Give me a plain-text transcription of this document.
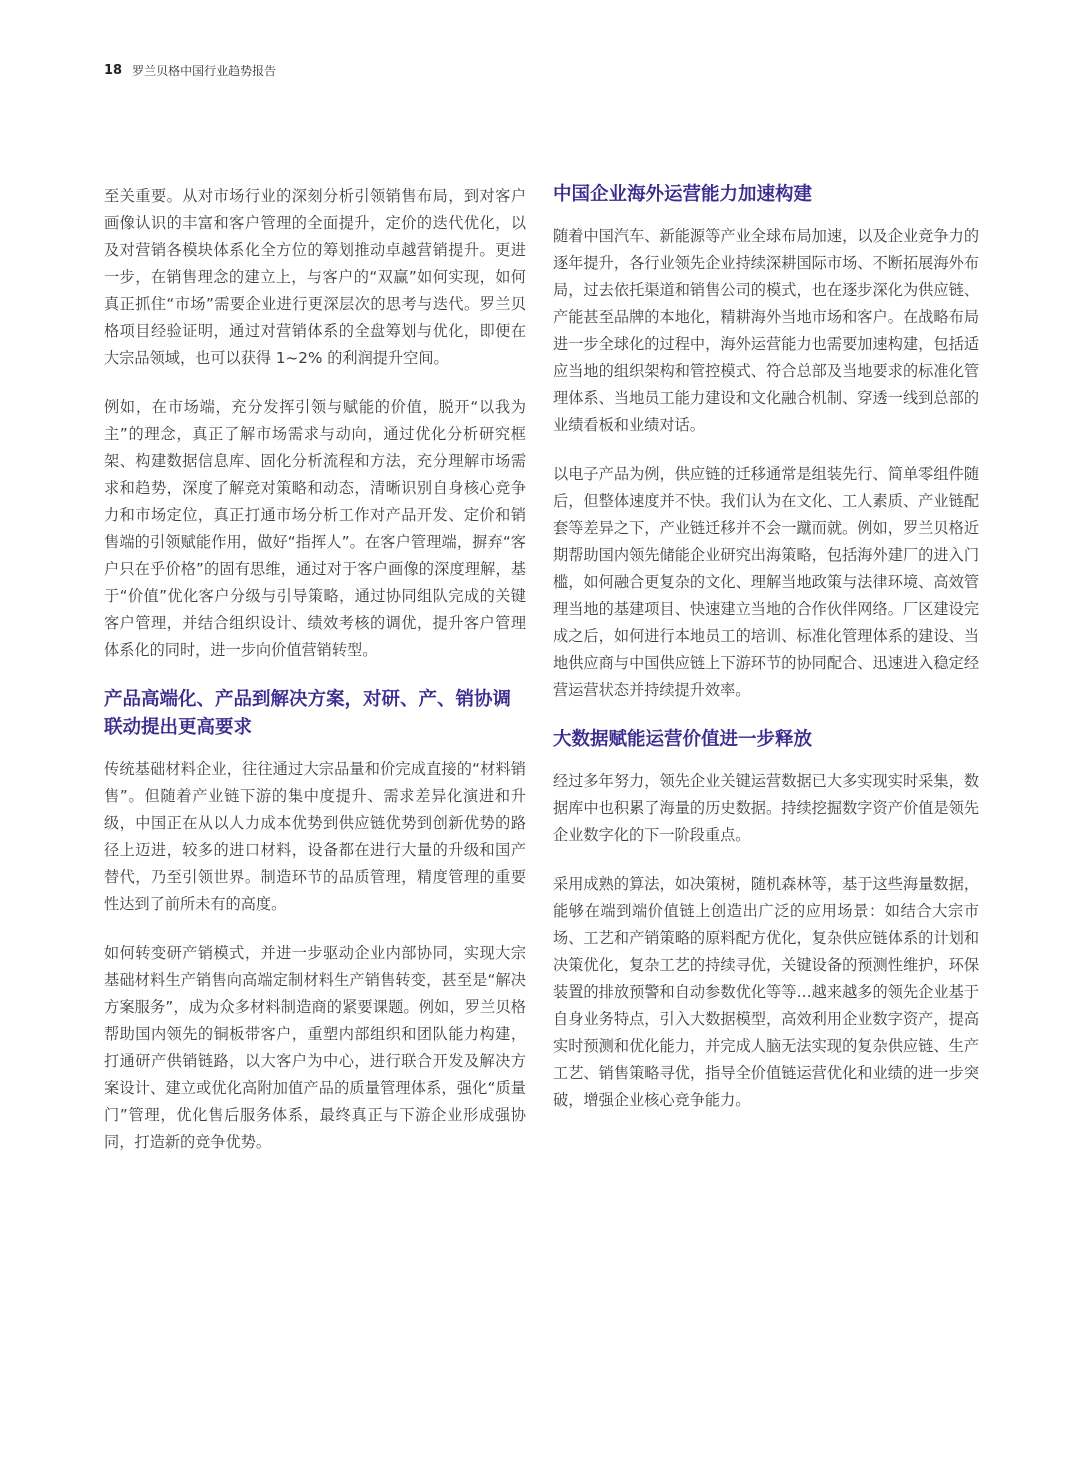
18 罗兰贝格中国行业趋势报告

至关重要。从对市场行业的深刻分析引领销售布局，到对客户画像认识的丰富和客户管理的全面提升，定价的迭代优化，以及对营销各模块体系化全方位的筹划推动卓越营销提升。更进一步，在销售理念的建立上，与客户的“双赢”如何实现，如何真正抓住“市场”需要企业进行更深层次的思考与迭代。罗兰贝格项目经验证明，通过对营销体系的全盘筹划与优化，即便在大宗品领域，也可以获得 1~2% 的利润提升空间。

例如，在市场端，充分发挥引领与赋能的价值，脱开“以我为主”的理念，真正了解市场需求与动向，通过优化分析研究框架、构建数据信息库、固化分析流程和方法，充分理解市场需求和趋势，深度了解竞对策略和动态，清晰识别自身核心竞争力和市场定位，真正打通市场分析工作对产品开发、定价和销售端的引领赋能作用，做好“指挥人”。在客户管理端，摒弃“客户只在乎价格”的固有思维，通过对于客户画像的深度理解，基于“价值”优化客户分级与引导策略，通过协同组队完成的关键客户管理，并结合组织设计、绩效考核的调优，提升客户管理体系化的同时，进一步向价值营销转型。

产品高端化、产品到解决方案，对研、产、销协调联动提出更高要求

传统基础材料企业，往往通过大宗品量和价完成直接的“材料销售”。但随着产业链下游的集中度提升、需求差异化演进和升级，中国正在从以人力成本优势到供应链优势到创新优势的路径上迈进，较多的进口材料，设备都在进行大量的升级和国产替代，乃至引领世界。制造环节的品质管理，精度管理的重要性达到了前所未有的高度。

如何转变研产销模式，并进一步驱动企业内部协同，实现大宗基础材料生产销售向高端定制材料生产销售转变，甚至是“解决方案服务”，成为众多材料制造商的紧要课题。例如，罗兰贝格帮助国内领先的铜板带客户，重塑内部组织和团队能力构建，打通研产供销链路，以大客户为中心，进行联合开发及解决方案设计、建立或优化高附加值产品的质量管理体系，强化“质量门”管理，优化售后服务体系，最终真正与下游企业形成强协同，打造新的竞争优势。

中国企业海外运营能力加速构建

随着中国汽车、新能源等产业全球布局加速，以及企业竞争力的逐年提升，各行业领先企业持续深耕国际市场、不断拓展海外布局，过去依托渠道和销售公司的模式，也在逐步深化为供应链、产能甚至品牌的本地化，精耕海外当地市场和客户。在战略布局进一步全球化的过程中，海外运营能力也需要加速构建，包括适应当地的组织架构和管控模式、符合总部及当地要求的标准化管理体系、当地员工能力建设和文化融合机制、穿透一线到总部的业绩看板和业绩对话。

以电子产品为例，供应链的迁移通常是组装先行、简单零组件随后，但整体速度并不快。我们认为在文化、工人素质、产业链配套等差异之下，产业链迁移并不会一蹴而就。例如，罗兰贝格近期帮助国内领先储能企业研究出海策略，包括海外建厂的进入门槛，如何融合更复杂的文化、理解当地政策与法律环境、高效管理当地的基建项目、快速建立当地的合作伙伴网络。厂区建设完成之后，如何进行本地员工的培训、标准化管理体系的建设、当地供应商与中国供应链上下游环节的协同配合、迅速进入稳定经营运营状态并持续提升效率。

大数据赋能运营价值进一步释放

经过多年努力，领先企业关键运营数据已大多实现实时采集，数据库中也积累了海量的历史数据。持续挖掘数字资产价值是领先企业数字化的下一阶段重点。

采用成熟的算法，如决策树，随机森林等，基于这些海量数据，能够在端到端价值链上创造出广泛的应用场景：如结合大宗市场、工艺和产销策略的原料配方优化，复杂供应链体系的计划和决策优化，复杂工艺的持续寻优，关键设备的预测性维护，环保装置的排放预警和自动参数优化等等…越来越多的领先企业基于自身业务特点，引入大数据模型，高效利用企业数字资产，提高实时预测和优化能力，并完成人脑无法实现的复杂供应链、生产工艺、销售策略寻优，指导全价值链运营优化和业绩的进一步突破，增强企业核心竞争能力。
